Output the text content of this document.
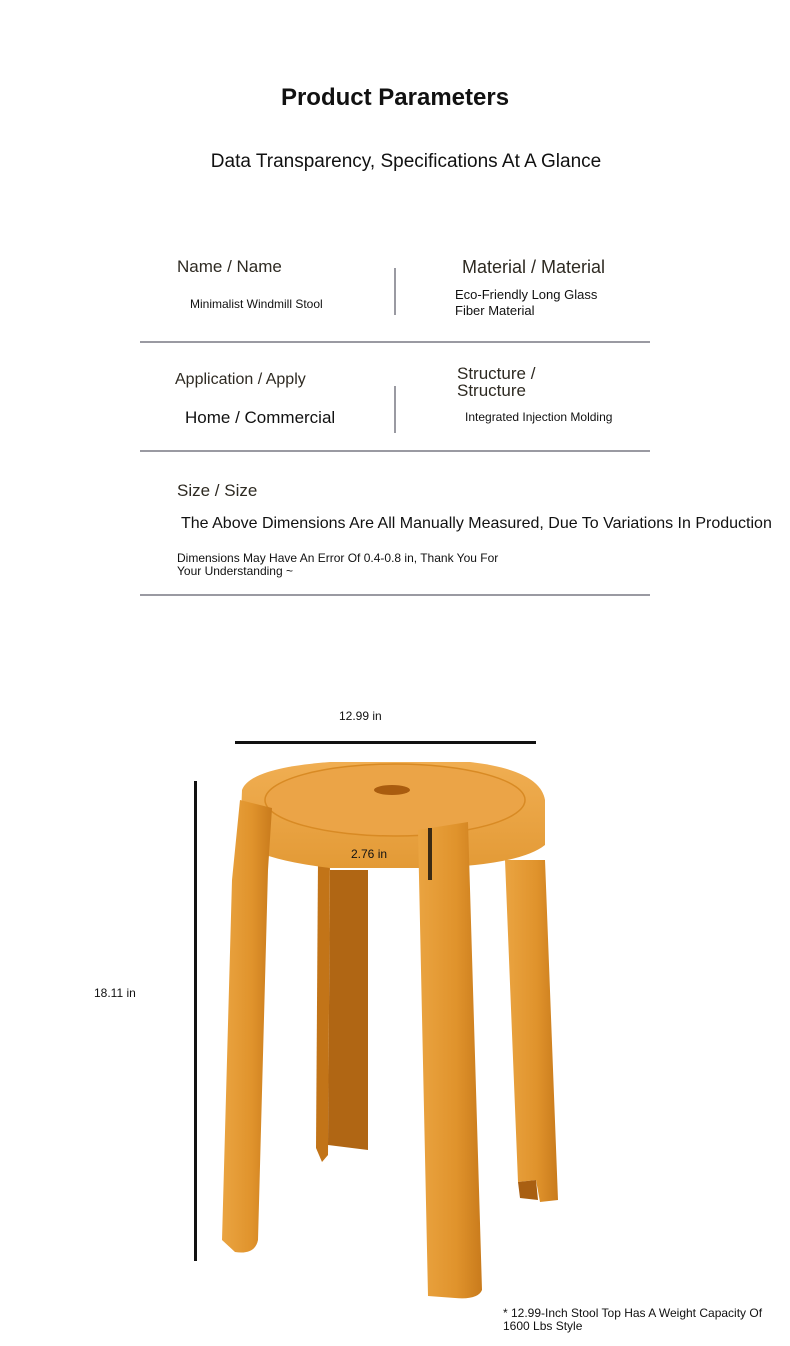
Product Parameters
Data Transparency, Specifications At A Glance
Name / Name
Minimalist Windmill Stool
Material / Material
Eco-Friendly Long Glass Fiber Material
Application / Apply
Home / Commercial
Structure / Structure
Integrated Injection Molding
Size / Size
The Above Dimensions Are All Manually Measured, Due To Variations In Production
Dimensions May Have An Error Of 0.4-0.8 in, Thank You For Your Understanding ~
12.99 in
18.11 in
2.76 in
* 12.99-Inch Stool Top Has A Weight Capacity Of 1600 Lbs Style
